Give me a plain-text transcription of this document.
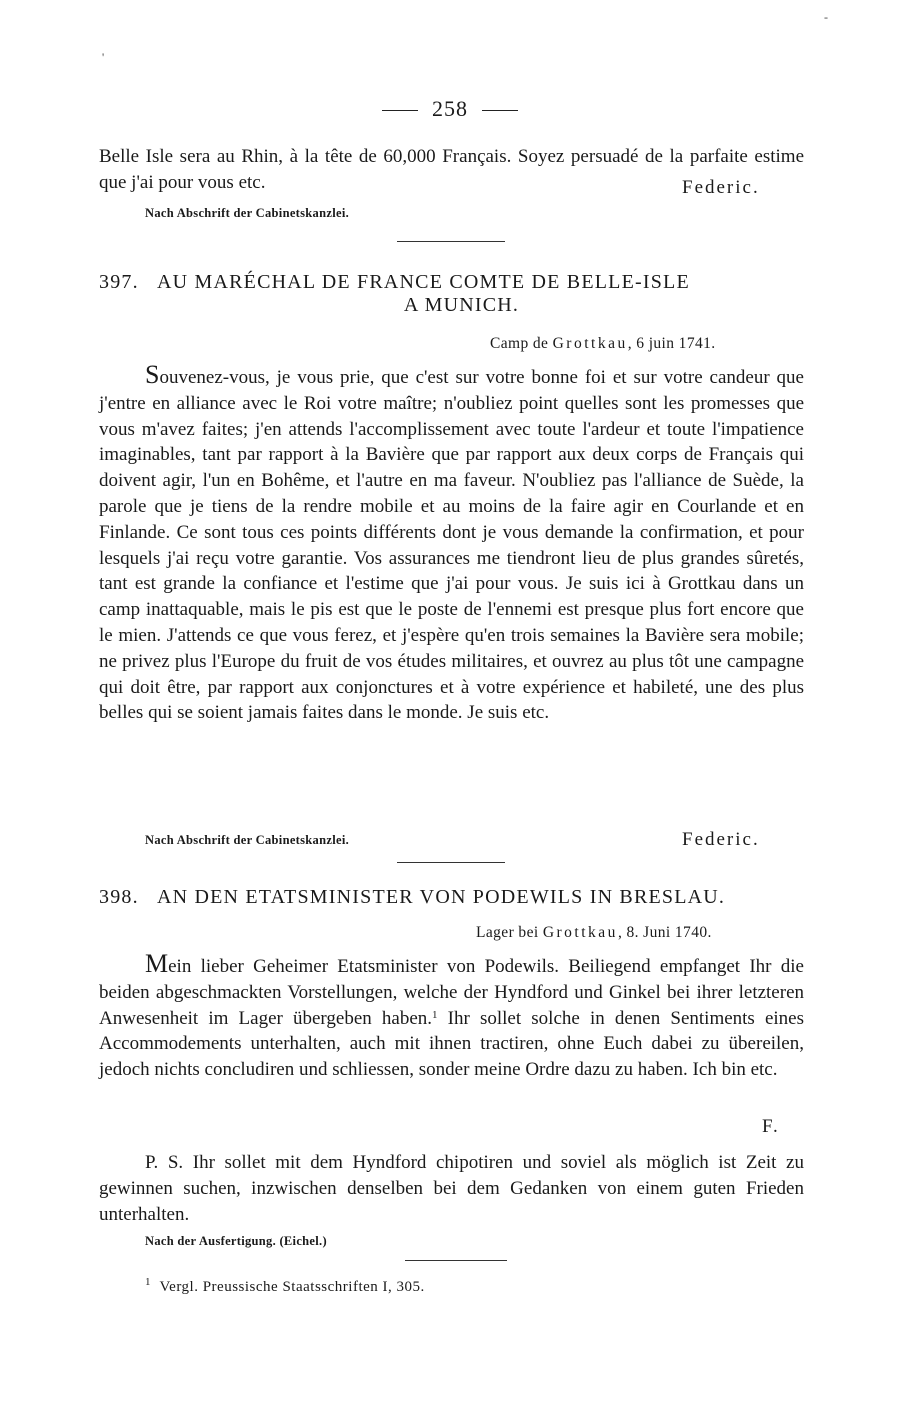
258

Belle Isle sera au Rhin, à la tête de 60,000 Français. Soyez persuadé de la parfaite estime que j'ai pour vous etc.	Federic.
Nach Abschrift der Cabinetskanzlei.
397. AU MARÉCHAL DE FRANCE COMTE DE BELLE-ISLE
A MUNICH.
Camp de Grottkau, 6 juin 1741.

Souvenez-vous, je vous prie, que c'est sur votre bonne foi et sur votre candeur que j'entre en alliance avec le Roi votre maître; n'oubliez point quelles sont les promesses que vous m'avez faites; j'en attends l'accomplissement avec toute l'ardeur et toute l'impatience imaginables, tant par rapport à la Bavière que par rapport aux deux corps de Français qui doivent agir, l'un en Bohême, et l'autre en ma faveur. N'oubliez pas l'alliance de Suède, la parole que je tiens de la rendre mobile et au moins de la faire agir en Courlande et en Finlande. Ce sont tous ces points différents dont je vous demande la confirmation, et pour lesquels j'ai reçu votre garantie. Vos assurances me tiendront lieu de plus grandes sûretés, tant est grande la confiance et l'estime que j'ai pour vous. Je suis ici à Grottkau dans un camp inattaquable, mais le pis est que le poste de l'ennemi est presque plus fort encore que le mien. J'attends ce que vous ferez, et j'espère qu'en trois semaines la Bavière sera mobile; ne privez plus l'Europe du fruit de vos études militaires, et ouvrez au plus tôt une campagne qui doit être, par rapport aux conjonctures et à votre expérience et habileté, une des plus belles qui se soient jamais faites dans le monde. Je suis etc.

Nach Abschrift der Cabinetskanzlei.	Federic.
398. AN DEN ETATSMINISTER VON PODEWILS IN BRESLAU.
Lager bei Grottkau, 8. Juni 1740.

Mein lieber Geheimer Etatsminister von Podewils. Beiliegend empfanget Ihr die beiden abgeschmackten Vorstellungen, welche der Hyndford und Ginkel bei ihrer letzteren Anwesenheit im Lager übergeben haben.$^1$ Ihr sollet solche in denen Sentiments eines Accommodements unterhalten, auch mit ihnen tractiren, ohne Euch dabei zu übereilen, jedoch nichts concludiren und schliessen, sonder meine Ordre dazu zu haben. Ich bin etc.

F.

P. S. Ihr sollet mit dem Hyndford chipotiren und soviel als möglich ist Zeit zu gewinnen suchen, inzwischen denselben bei dem Gedanken von einem guten Frieden unterhalten.

Nach der Ausfertigung. (Eichel.)
$^1$ Vergl. Preussische Staatsschriften I, 305.
-
'
